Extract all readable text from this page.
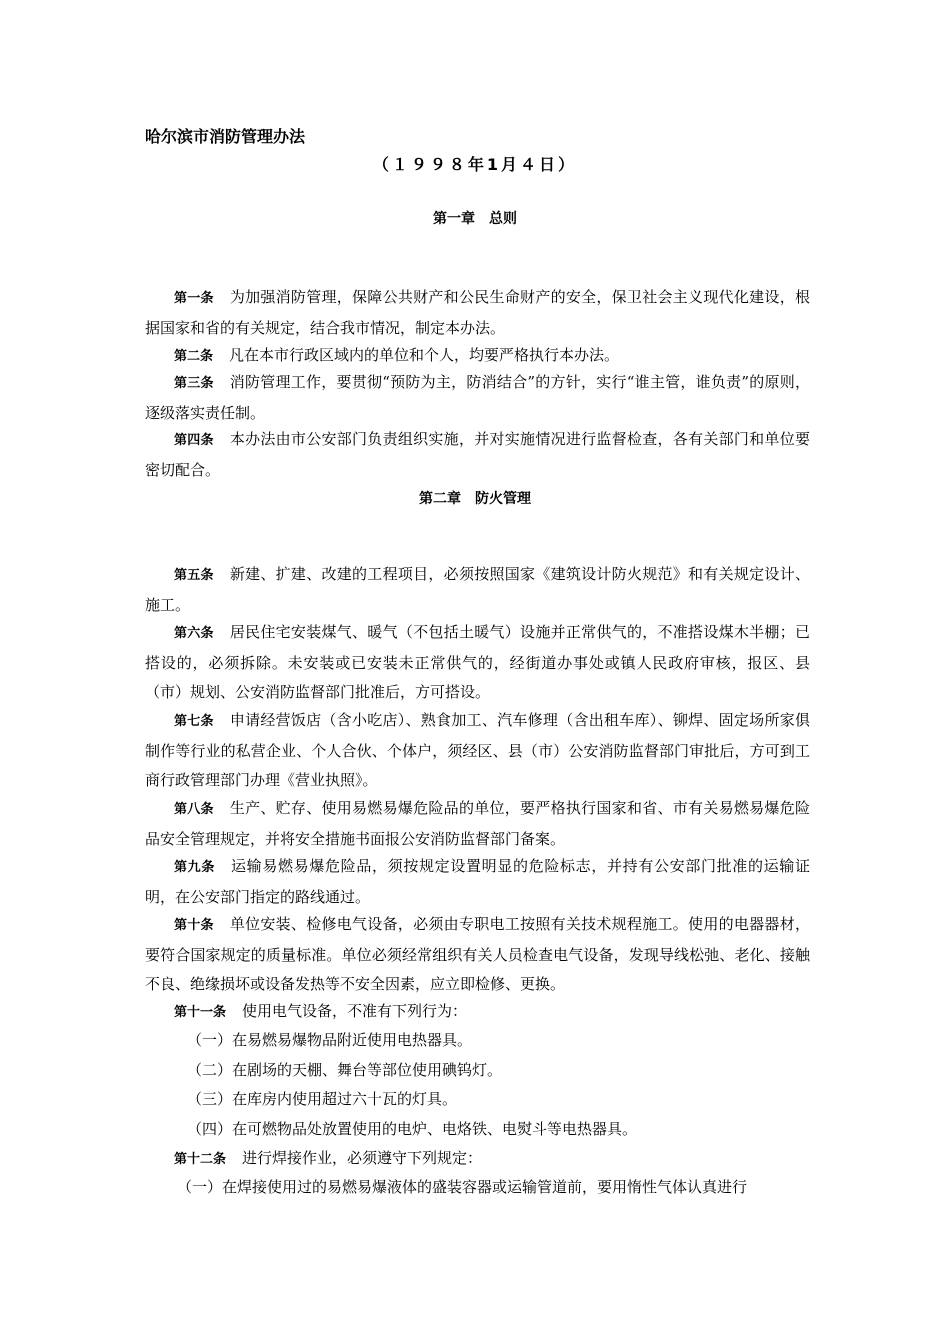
哈尔滨市消防管理办法
（１９９８年1月４日）
第一章　总则
第一条 为加强消防管理，保障公共财产和公民生命财产的安全，保卫社会主义现代化建设，根据国家和省的有关规定，结合我市情况，制定本办法。
第二条 凡在本市行政区域内的单位和个人，均要严格执行本办法。
第三条 消防管理工作，要贯彻“预防为主，防消结合”的方针，实行“谁主管，谁负责”的原则，逐级落实责任制。
第四条 本办法由市公安部门负责组织实施，并对实施情况进行监督检查，各有关部门和单位要密切配合。
第二章　防火管理
第五条 新建、扩建、改建的工程项目，必须按照国家《建筑设计防火规范》和有关规定设计、施工。
第六条 居民住宅安装煤气、暖气（不包括土暖气）设施并正常供气的，不准搭设煤木半棚；已搭设的，必须拆除。未安装或已安装未正常供气的，经街道办事处或镇人民政府审核，报区、县（市）规划、公安消防监督部门批准后，方可搭设。
第七条 申请经营饭店（含小吃店）、熟食加工、汽车修理（含出租车库）、铆焊、固定场所家俱制作等行业的私营企业、个人合伙、个体户，须经区、县（市）公安消防监督部门审批后，方可到工商行政管理部门办理《营业执照》。
第八条 生产、贮存、使用易燃易爆危险品的单位，要严格执行国家和省、市有关易燃易爆危险品安全管理规定，并将安全措施书面报公安消防监督部门备案。
第九条 运输易燃易爆危险品，须按规定设置明显的危险标志，并持有公安部门批准的运输证明，在公安部门指定的路线通过。
第十条 单位安装、检修电气设备，必须由专职电工按照有关技术规程施工。使用的电器器材，要符合国家规定的质量标准。单位必须经常组织有关人员检查电气设备，发现导线松弛、老化、接触不良、绝缘损坏或设备发热等不安全因素，应立即检修、更换。
第十一条 使用电气设备，不准有下列行为：
（一）在易燃易爆物品附近使用电热器具。
（二）在剧场的天棚、舞台等部位使用碘钨灯。
（三）在库房内使用超过六十瓦的灯具。
（四）在可燃物品处放置使用的电炉、电烙铁、电熨斗等电热器具。
第十二条 进行焊接作业，必须遵守下列规定：
（一）在焊接使用过的易燃易爆液体的盛装容器或运输管道前，要用惰性气体认真进行
